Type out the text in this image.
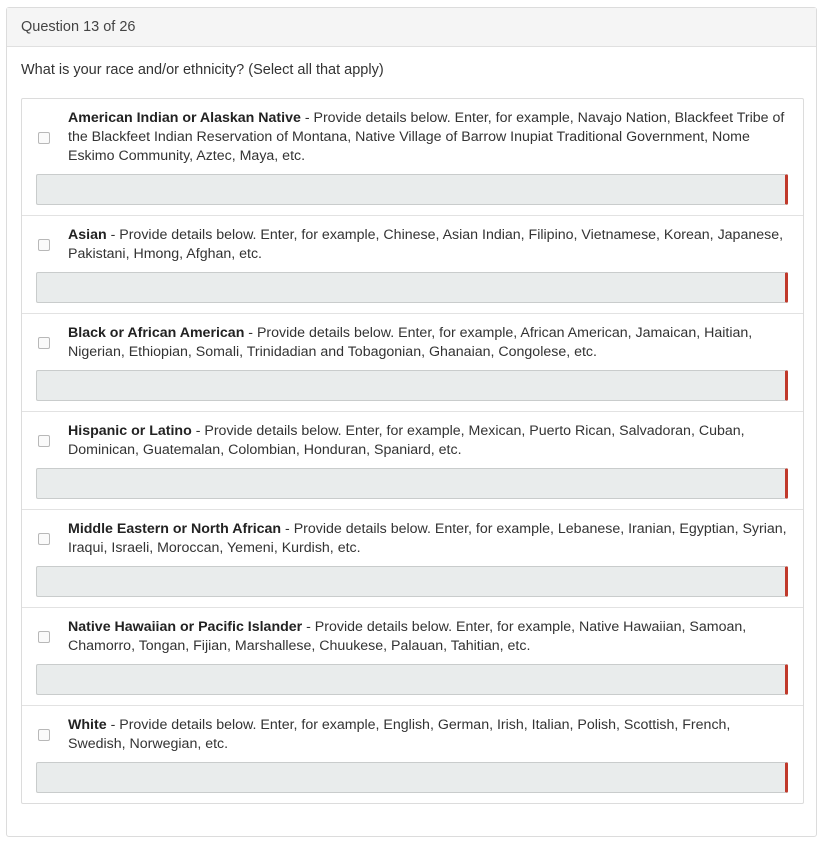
Question 13 of 26
What is your race and/or ethnicity? (Select all that apply)
American Indian or Alaskan Native - Provide details below. Enter, for example, Navajo Nation, Blackfeet Tribe of the Blackfeet Indian Reservation of Montana, Native Village of Barrow Inupiat Traditional Government, Nome Eskimo Community, Aztec, Maya, etc.
Asian - Provide details below. Enter, for example, Chinese, Asian Indian, Filipino, Vietnamese, Korean, Japanese, Pakistani, Hmong, Afghan, etc.
Black or African American - Provide details below. Enter, for example, African American, Jamaican, Haitian, Nigerian, Ethiopian, Somali, Trinidadian and Tobagonian, Ghanaian, Congolese, etc.
Hispanic or Latino - Provide details below. Enter, for example, Mexican, Puerto Rican, Salvadoran, Cuban, Dominican, Guatemalan, Colombian, Honduran, Spaniard, etc.
Middle Eastern or North African - Provide details below. Enter, for example, Lebanese, Iranian, Egyptian, Syrian, Iraqui, Israeli, Moroccan, Yemeni, Kurdish, etc.
Native Hawaiian or Pacific Islander - Provide details below. Enter, for example, Native Hawaiian, Samoan, Chamorro, Tongan, Fijian, Marshallese, Chuukese, Palauan, Tahitian, etc.
White - Provide details below. Enter, for example, English, German, Irish, Italian, Polish, Scottish, French, Swedish, Norwegian, etc.
